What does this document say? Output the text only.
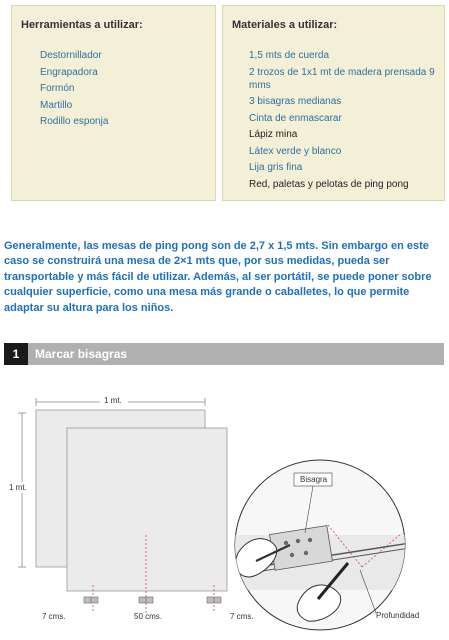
Herramientas a utilizar:
Destornillador
Engrapadora
Formón
Martillo
Rodillo esponja
Materiales a utilizar:
1,5 mts de cuerda
2 trozos de 1x1 mt de madera prensada 9 mms
3 bisagras medianas
Cinta de enmascarar
Lápiz mina
Látex verde y blanco
Lija gris fina
Red, paletas y pelotas de ping pong

Generalmente, las mesas de ping pong son de 2,7 x 1,5 mts. Sin embargo en este caso se construirá una mesa de 2×1 mts que, por sus medidas, pueda ser transportable y más fácil de utilizar. Además, al ser portátil, se puede poner sobre cualquier superficie, como una mesa más grande o caballetes, lo que permite adaptar su altura para los niños.

1	Marcar bisagras
1 mt.
1 mt.
7 cms.	50 cms.	7 cms.
Bisagra
Profundidad
